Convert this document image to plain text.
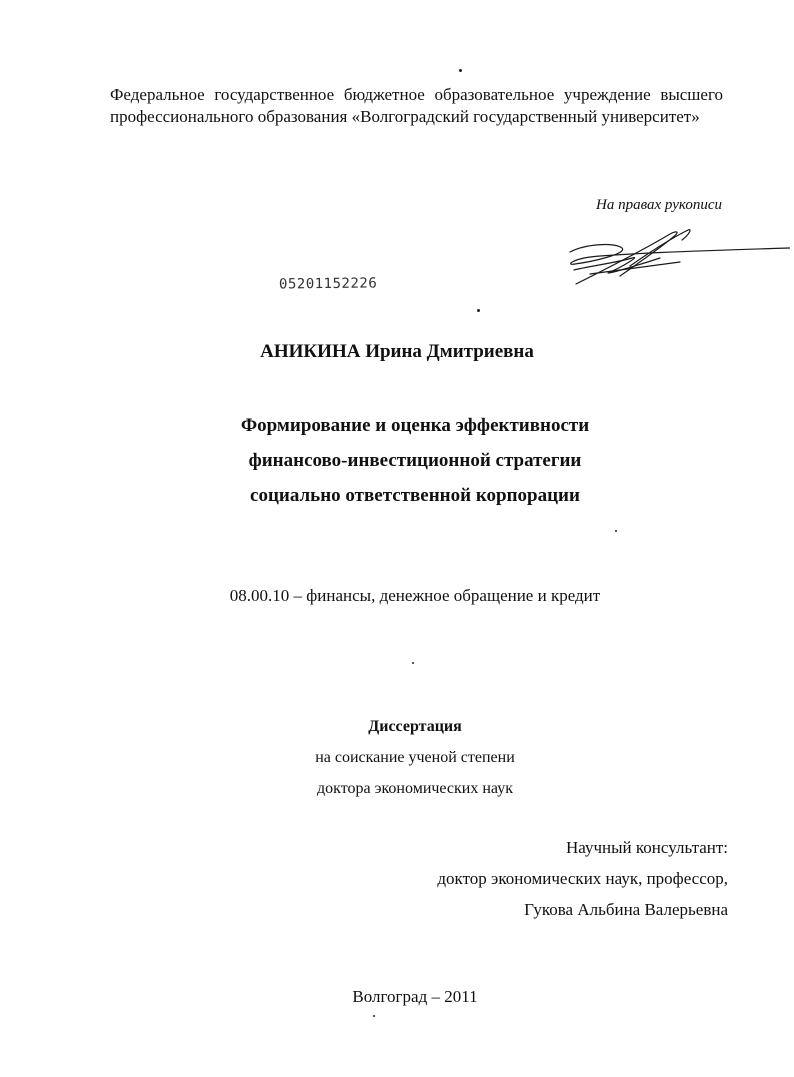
Федеральное государственное бюджетное образовательное учреждение высшего профессионального образования «Волгоградский государственный университет»
На правах рукописи
05201152226
АНИКИНА Ирина Дмитриевна
Формирование и оценка эффективности
финансово-инвестиционной стратегии
социально ответственной корпорации
08.00.10 – финансы, денежное обращение и кредит
Диссертация
на соискание ученой степени
доктора экономических наук
Научный консультант:
доктор экономических наук, профессор,
Гукова Альбина Валерьевна
Волгоград – 2011
